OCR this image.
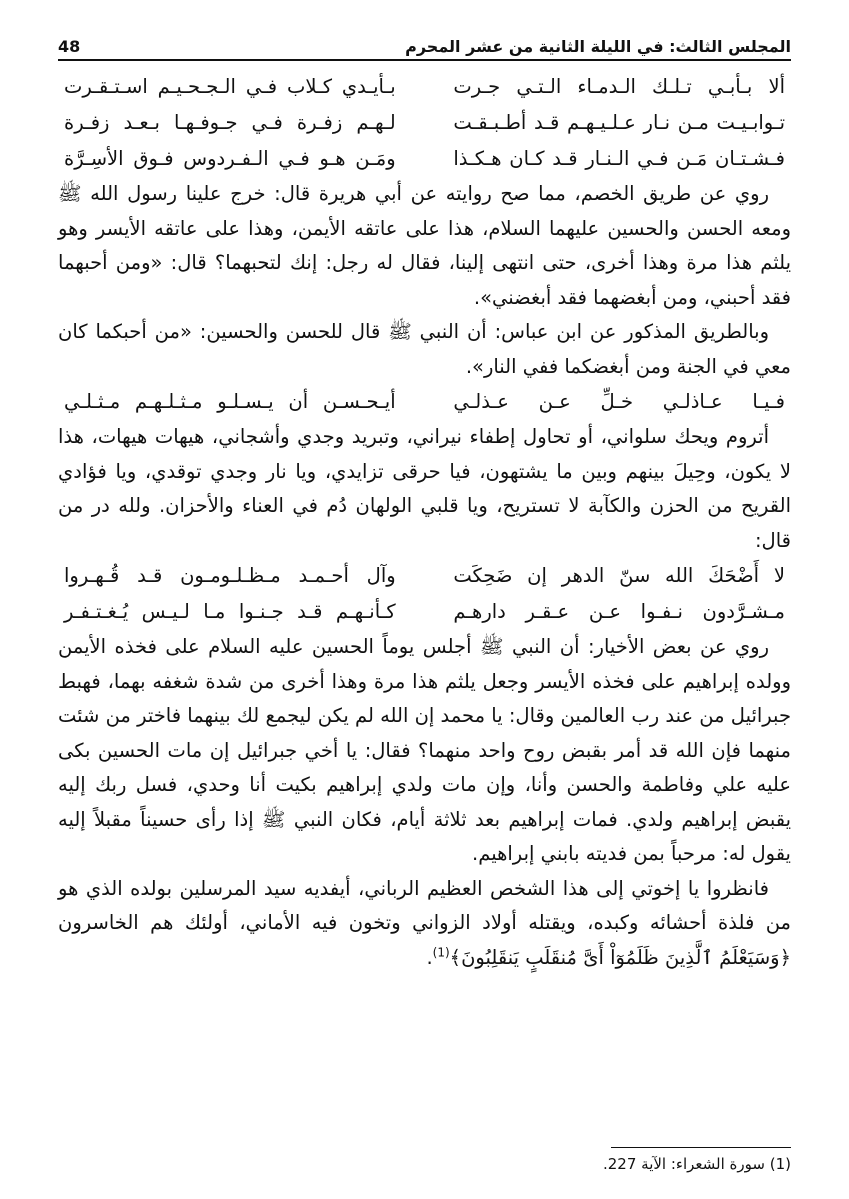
48	المجلس الثالث: في الليلة الثانية من عشر المحرم
ألا بـأبـي تـلـك الـدمـاء الـتـي جـرت
بـأيـدي كـلاب فـي الـجـحـيـم اسـتـقـرت
تـوابـيـت مـن نـار عـلـيـهـم قـد أطـبـقـت
لـهـم زفـرة فـي جـوفـهـا بـعـد زفـرة
فـشـتـان مَـن فـي الـنـار قـد كـان هـكـذا
ومَـن هـو فـي الـفـردوس فـوق الأسِـرَّة

روي عن طريق الخصم، مما صح روايته عن أبي هريرة قال: خرج علينا رسول الله ﷺ ومعه الحسن والحسين عليهما السلام، هذا على عاتقه الأيمن، وهذا على عاتقه الأيسر وهو يلثم هذا مرة وهذا أخرى، حتى انتهى إلينا، فقال له رجل: إنك لتحبهما؟ قال: «ومن أحبهما فقد أحبني، ومن أبغضهما فقد أبغضني».

وبالطريق المذكور عن ابن عباس: أن النبي ﷺ قال للحسن والحسين: «من أحبكما كان معي في الجنة ومن أبغضكما ففي النار».

فـيـا عـاذلـي خـلِّ عـن عـذلـي
أيـحـسـن أن يـسـلـو مـثـلـهـم مـثـلـي

أتروم ويحك سلواني، أو تحاول إطفاء نيراني، وتبريد وجدي وأشجاني، هيهات هيهات، هذا لا يكون، وحِيلَ بينهم وبين ما يشتهون، فيا حرقى تزايدي، ويا نار وجدي توقدي، ويا فؤادي القريح من الحزن والكآبة لا تستريح، ويا قلبي الولهان دُم في العناء والأحزان. ولله در من قال:

لا أَضْحَكَ الله سنّ الدهر إن ضَحِكَت
وآل أحـمـد مـظـلـومـون قـد قُـهـروا
مـشـرَّدون نـفـوا عـن عـقـر دارهـم
كـأنـهـم قـد جـنـوا مـا لـيـس يُـغـتـفـر

روي عن بعض الأخيار: أن النبي ﷺ أجلس يوماً الحسين عليه السلام على فخذه الأيمن وولده إبراهيم على فخذه الأيسر وجعل يلثم هذا مرة وهذا أخرى من شدة شغفه بهما، فهبط جبرائيل من عند رب العالمين وقال: يا محمد إن الله لم يكن ليجمع لك بينهما فاختر من شئت منهما فإن الله قد أمر بقبض روح واحد منهما؟ فقال: يا أخي جبرائيل إن مات الحسين بكى عليه علي وفاطمة والحسن وأنا، وإن مات ولدي إبراهيم بكيت أنا وحدي، فسل ربك إليه يقبض إبراهيم ولدي. فمات إبراهيم بعد ثلاثة أيام، فكان النبي ﷺ إذا رأى حسيناً مقبلاً إليه يقول له: مرحباً بمن فديته بابني إبراهيم.

فانظروا يا إخوتي إلى هذا الشخص العظيم الرباني، أيفديه سيد المرسلين بولده الذي هو من فلذة أحشائه وكبده، ويقتله أولاد الزواني وتخون فيه الأماني، أولئك هم الخاسرون ﴿وَسَيَعْلَمُ ٱلَّذِينَ ظَلَمُوٓاْ أَىَّ مُنقَلَبٍ يَنقَلِبُونَ﴾$^{(1)}$.

(1) سورة الشعراء: الآية 227.
